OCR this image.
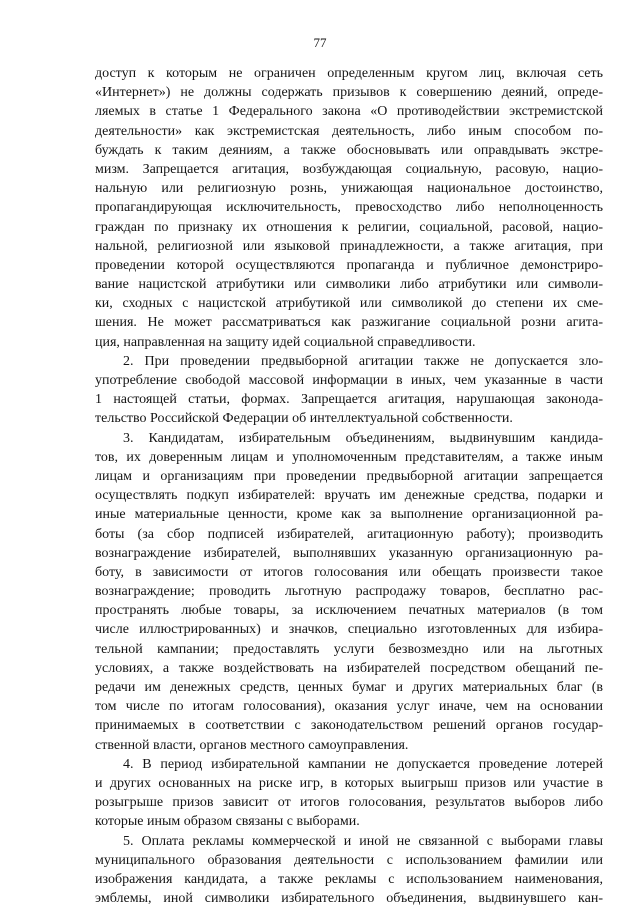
77
доступ к которым не ограничен определенным кругом лиц, включая сеть
«Интернет») не должны содержать призывов к совершению деяний, опреде-
ляемых в статье 1 Федерального закона «О противодействии экстремистской
деятельности» как экстремистская деятельность, либо иным способом по-
буждать к таким деяниям, а также обосновывать или оправдывать экстре-
мизм. Запрещается агитация, возбуждающая социальную, расовую, нацио-
нальную или религиозную рознь, унижающая национальное достоинство,
пропагандирующая исключительность, превосходство либо неполноценность
граждан по признаку их отношения к религии, социальной, расовой, нацио-
нальной, религиозной или языковой принадлежности, а также агитация, при
проведении которой осуществляются пропаганда и публичное демонстриро-
вание нацистской атрибутики или символики либо атрибутики или символи-
ки, сходных с нацистской атрибутикой или символикой до степени их сме-
шения. Не может рассматриваться как разжигание социальной розни агита-
ция, направленная на защиту идей социальной справедливости.
2. При проведении предвыборной агитации также не допускается зло-
употребление свободой массовой информации в иных, чем указанные в части
1 настоящей статьи, формах. Запрещается агитация, нарушающая законода-
тельство Российской Федерации об интеллектуальной собственности.
3. Кандидатам, избирательным объединениям, выдвинувшим кандида-
тов, их доверенным лицам и уполномоченным представителям, а также иным
лицам и организациям при проведении предвыборной агитации запрещается
осуществлять подкуп избирателей: вручать им денежные средства, подарки и
иные материальные ценности, кроме как за выполнение организационной ра-
боты (за сбор подписей избирателей, агитационную работу); производить
вознаграждение избирателей, выполнявших указанную организационную ра-
боту, в зависимости от итогов голосования или обещать произвести такое
вознаграждение; проводить льготную распродажу товаров, бесплатно рас-
пространять любые товары, за исключением печатных материалов (в том
числе иллюстрированных) и значков, специально изготовленных для избира-
тельной кампании; предоставлять услуги безвозмездно или на льготных
условиях, а также воздействовать на избирателей посредством обещаний пе-
редачи им денежных средств, ценных бумаг и других материальных благ (в
том числе по итогам голосования), оказания услуг иначе, чем на основании
принимаемых в соответствии с законодательством решений органов государ-
ственной власти, органов местного самоуправления.
4. В период избирательной кампании не допускается проведение лотерей
и других основанных на риске игр, в которых выигрыш призов или участие в
розыгрыше призов зависит от итогов голосования, результатов выборов либо
которые иным образом связаны с выборами.
5. Оплата рекламы коммерческой и иной не связанной с выборами главы
муниципального образования деятельности с использованием фамилии или
изображения кандидата, а также рекламы с использованием наименования,
эмблемы, иной символики избирательного объединения, выдвинувшего кан-
